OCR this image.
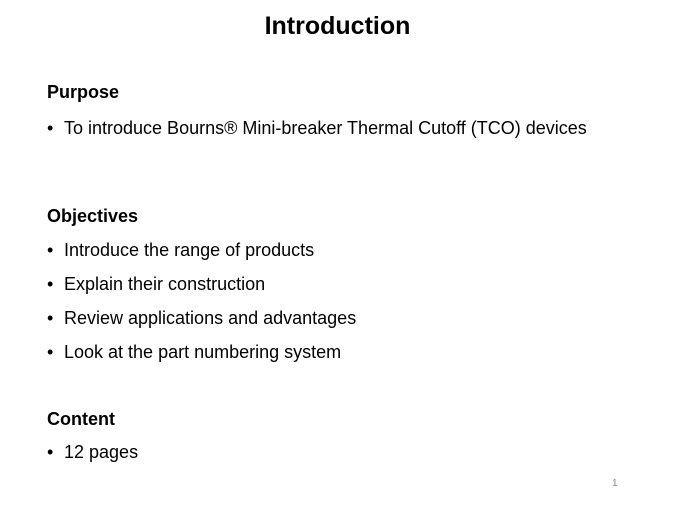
Introduction
Purpose
• To introduce Bourns® Mini-breaker Thermal Cutoff (TCO) devices
Objectives
• Introduce the range of products
• Explain their construction
• Review applications and advantages
• Look at the part numbering system
Content
• 12 pages
1
